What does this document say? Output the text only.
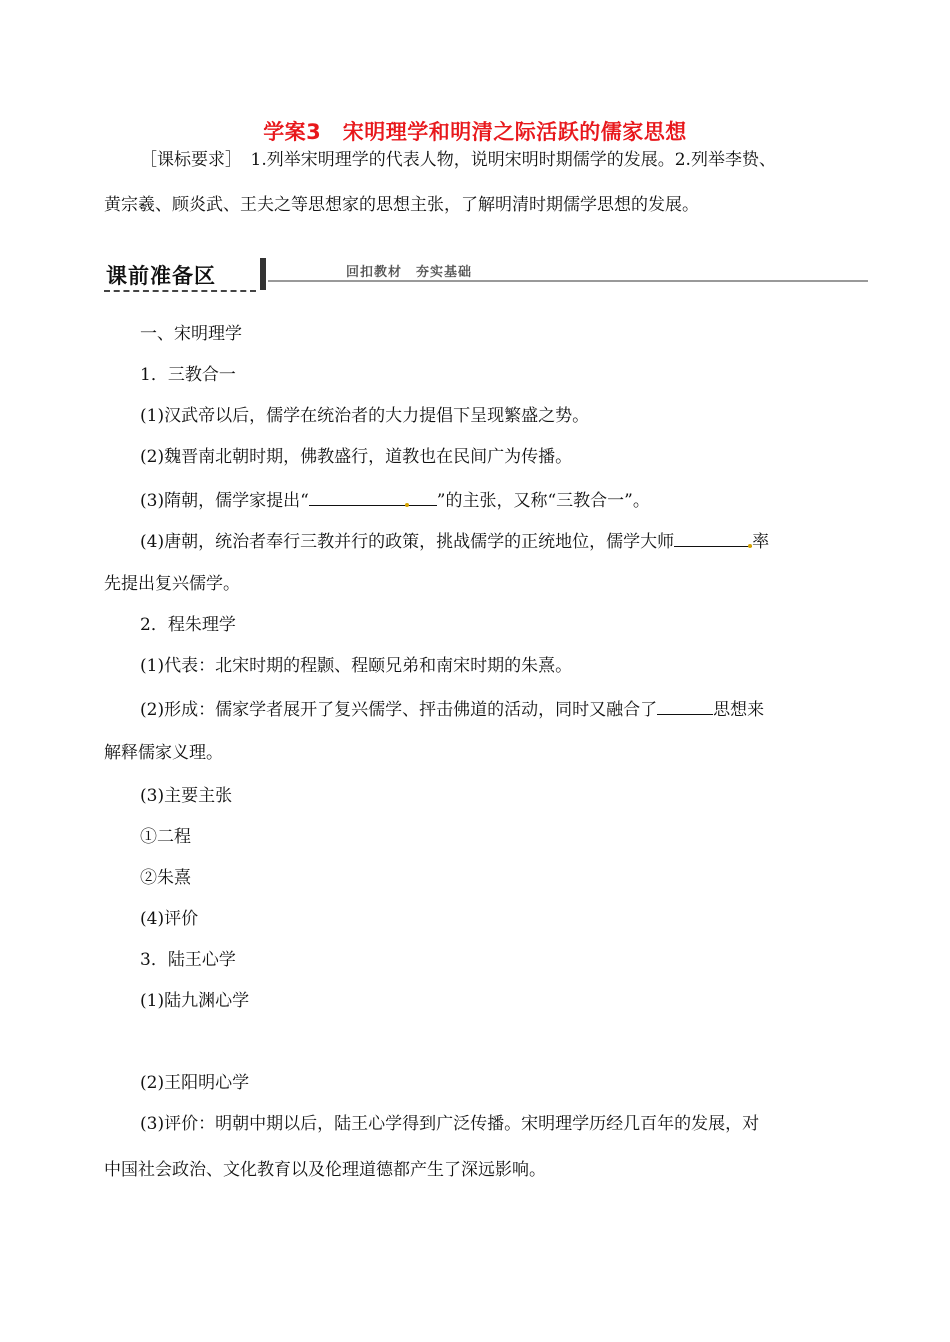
学案3　宋明理学和明清之际活跃的儒家思想
［课标要求］　1.列举宋明理学的代表人物，说明宋明时期儒学的发展。2.列举李贽、
黄宗羲、顾炎武、王夫之等思想家的思想主张，了解明清时期儒学思想的发展。
课前准备区	回扣教材　夯实基础
一、宋明理学
1．三教合一
(1)汉武帝以后，儒学在统治者的大力提倡下呈现繁盛之势。
(2)魏晋南北朝时期，佛教盛行，道教也在民间广为传播。
(3)隋朝，儒学家提出“	”的主张，又称“三教合一”。
(4)唐朝，统治者奉行三教并行的政策，挑战儒学的正统地位，儒学大师	率
先提出复兴儒学。
2．程朱理学
(1)代表：北宋时期的程颢、程颐兄弟和南宋时期的朱熹。
(2)形成：儒家学者展开了复兴儒学、抨击佛道的活动，同时又融合了	思想来
解释儒家义理。
(3)主要主张
①二程
②朱熹
(4)评价
3．陆王心学
(1)陆九渊心学
(2)王阳明心学
(3)评价：明朝中期以后，陆王心学得到广泛传播。宋明理学历经几百年的发展，对
中国社会政治、文化教育以及伦理道德都产生了深远影响。
